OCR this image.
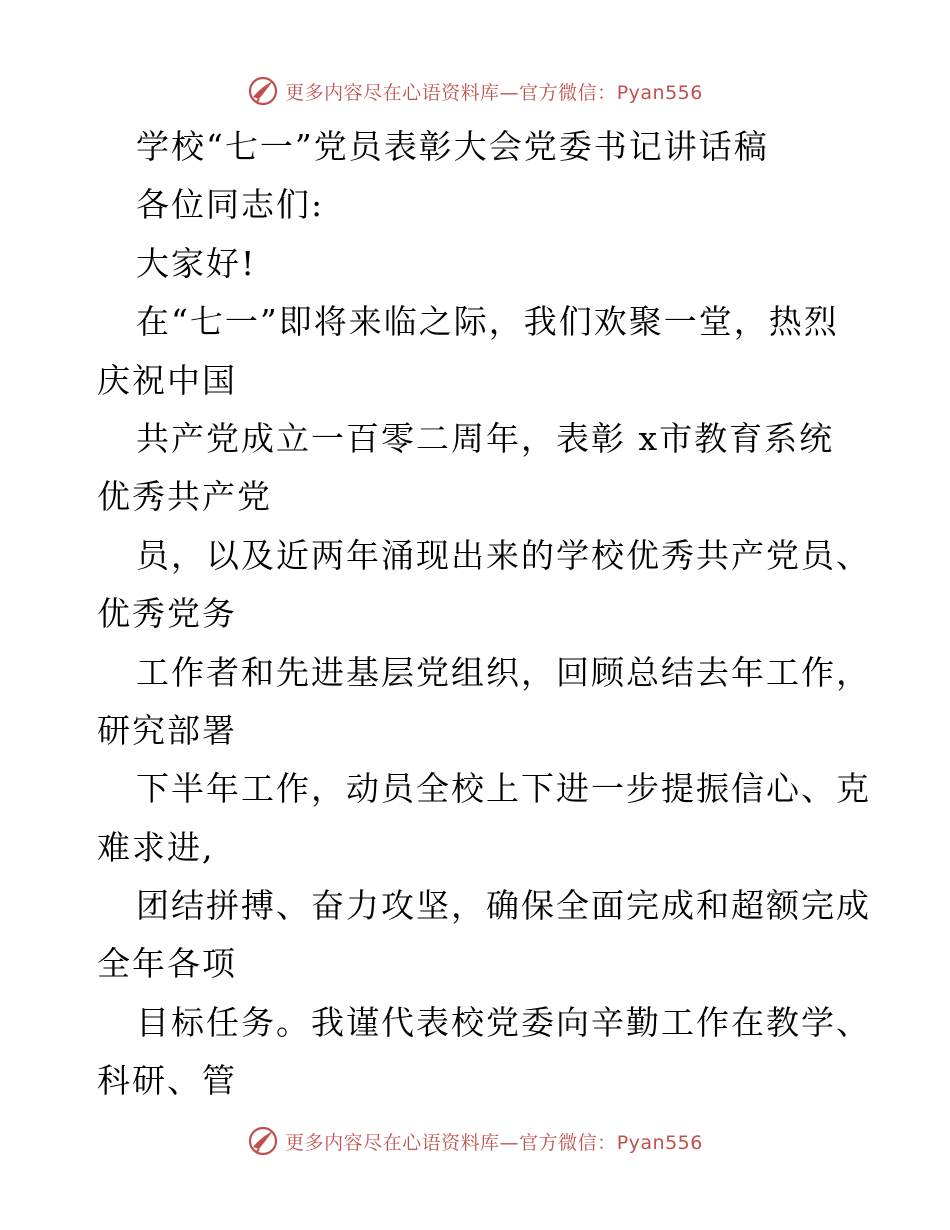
更多内容尽在心语资料库—官方微信：Pyan556
学校“七一”党员表彰大会党委书记讲话稿
各位同志们:
大家好!
在“七一”即将来临之际，我们欢聚一堂，热烈
庆祝中国
共产党成立一百零二周年，表彰 x市教育系统
优秀共产党
员，以及近两年涌现出来的学校优秀共产党员、
优秀党务
工作者和先进基层党组织，回顾总结去年工作，
研究部署
下半年工作，动员全校上下进一步提振信心、克
难求进,
团结拼搏、奋力攻坚，确保全面完成和超额完成
全年各项
目标任务。我谨代表校党委向辛勤工作在教学、
科研、管
更多内容尽在心语资料库—官方微信：Pyan556
